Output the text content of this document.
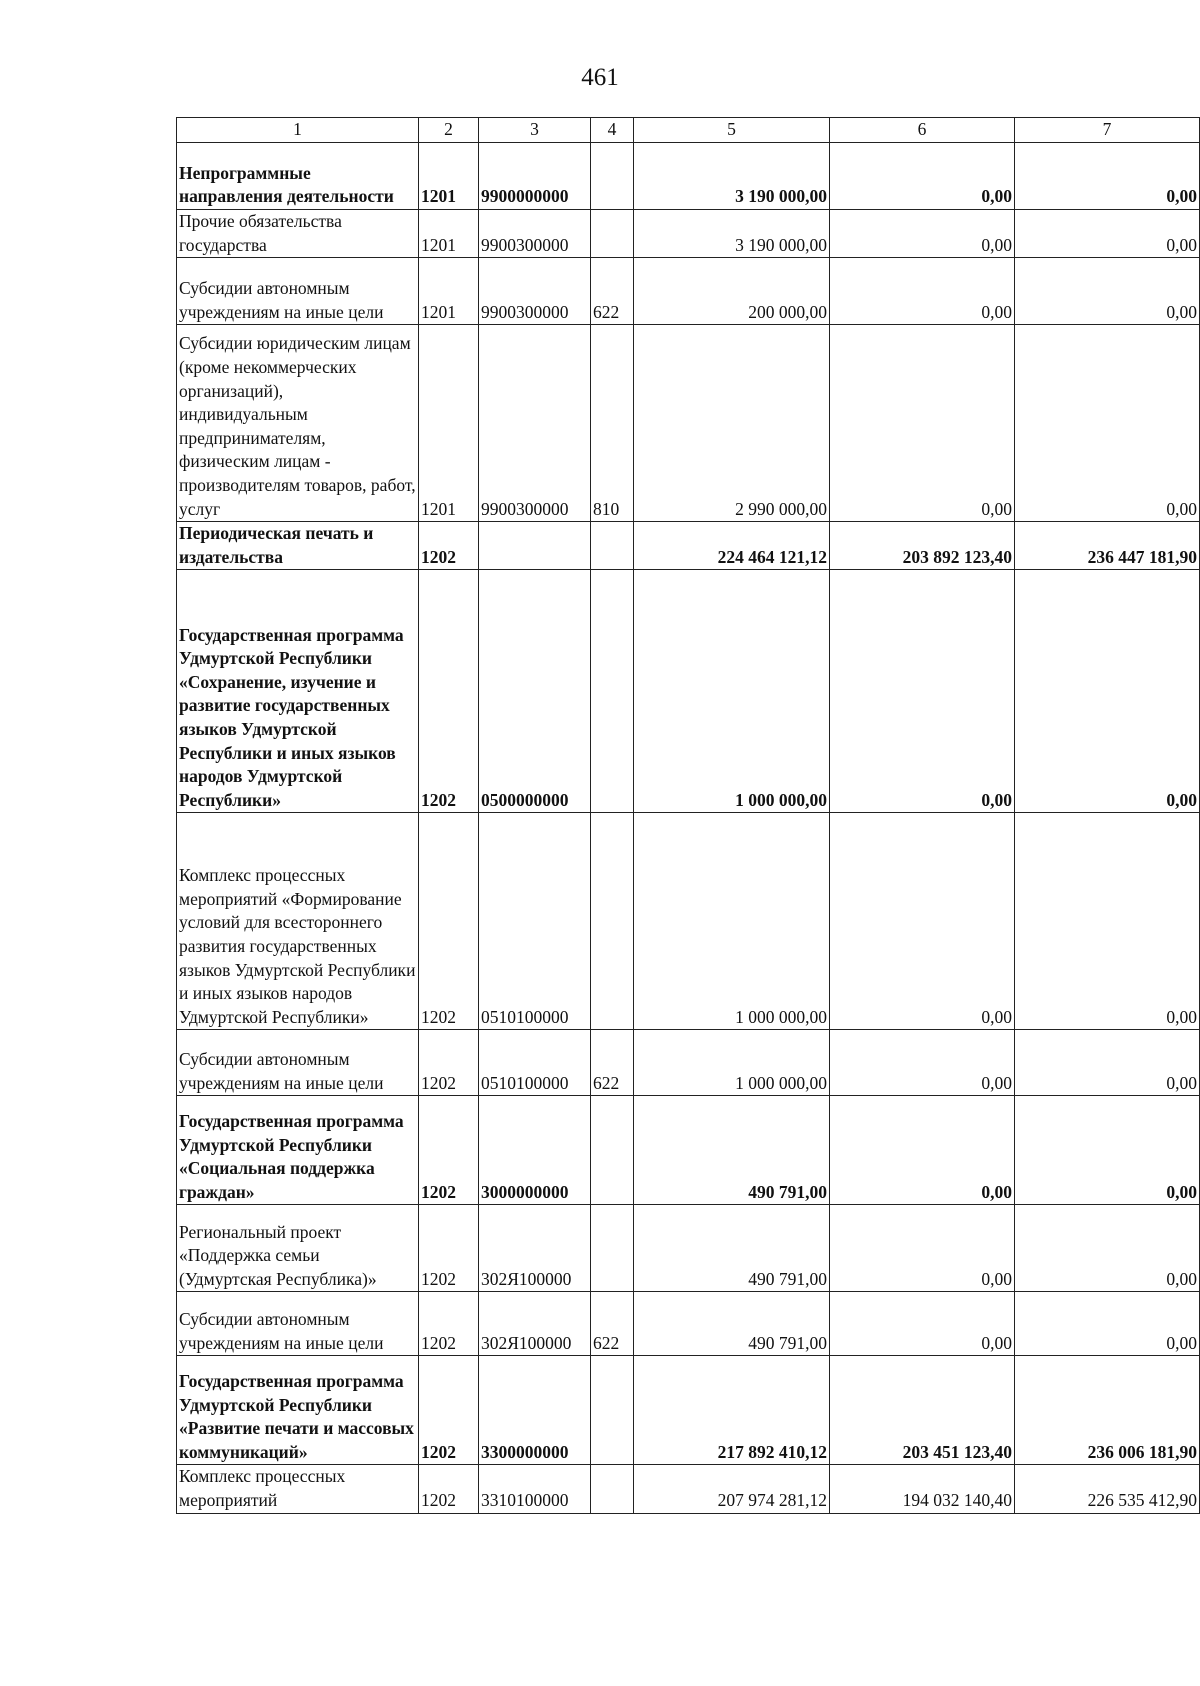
461
1	2	3	4	5	6	7
Непрограммные направления деятельности	1201	9900000000		3 190 000,00	0,00	0,00
Прочие обязательства государства	1201	9900300000		3 190 000,00	0,00	0,00
Субсидии автономным учреждениям на иные цели	1201	9900300000	622	200 000,00	0,00	0,00
Субсидии юридическим лицам (кроме некоммерческих организаций), индивидуальным предпринимателям, физическим лицам - производителям товаров, работ, услуг	1201	9900300000	810	2 990 000,00	0,00	0,00
Периодическая печать и издательства	1202			224 464 121,12	203 892 123,40	236 447 181,90
Государственная программа Удмуртской Республики «Сохранение, изучение и развитие государственных языков Удмуртской Республики и иных языков народов Удмуртской Республики»	1202	0500000000		1 000 000,00	0,00	0,00
Комплекс процессных мероприятий «Формирование условий для всестороннего развития государственных языков Удмуртской Республики и иных языков народов Удмуртской Республики»	1202	0510100000		1 000 000,00	0,00	0,00
Субсидии автономным учреждениям на иные цели	1202	0510100000	622	1 000 000,00	0,00	0,00
Государственная программа Удмуртской Республики «Социальная поддержка граждан»	1202	3000000000		490 791,00	0,00	0,00
Региональный проект «Поддержка семьи (Удмуртская Республика)»	1202	302Я100000		490 791,00	0,00	0,00
Субсидии автономным учреждениям на иные цели	1202	302Я100000	622	490 791,00	0,00	0,00
Государственная программа Удмуртской Республики «Развитие печати и массовых коммуникаций»	1202	3300000000		217 892 410,12	203 451 123,40	236 006 181,90
Комплекс процессных мероприятий	1202	3310100000		207 974 281,12	194 032 140,40	226 535 412,90
